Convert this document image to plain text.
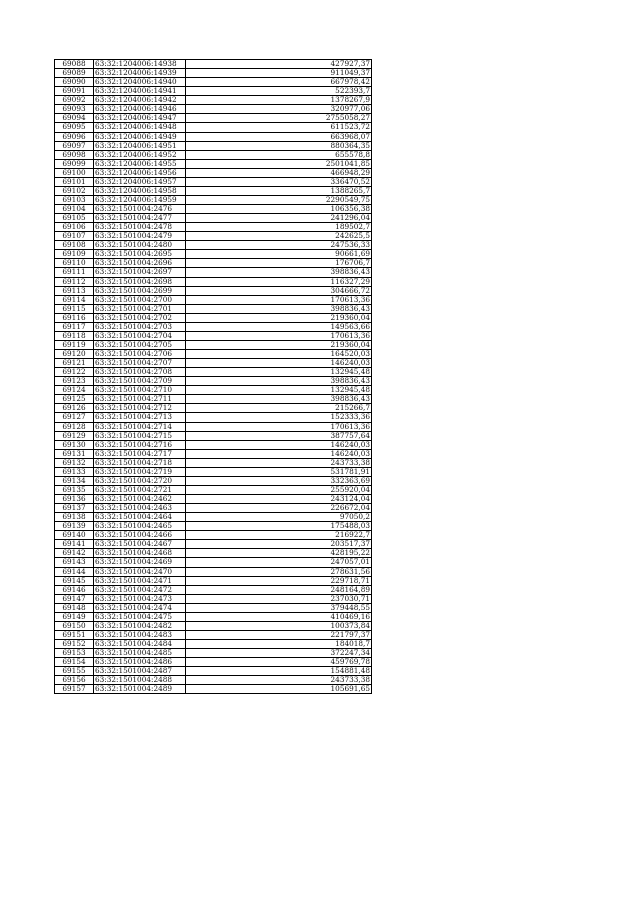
69088	63:32:1204006:14938	427927,37
69089	63:32:1204006:14939	911049,37
69090	63:32:1204006:14940	667978,42
69091	63:32:1204006:14941	522393,7
69092	63:32:1204006:14942	1378267,9
69093	63:32:1204006:14946	320977,06
69094	63:32:1204006:14947	2755058,27
69095	63:32:1204006:14948	611523,72
69096	63:32:1204006:14949	663968,07
69097	63:32:1204006:14951	880364,35
69098	63:32:1204006:14952	655578,8
69099	63:32:1204006:14955	2501041,85
69100	63:32:1204006:14956	466948,29
69101	63:32:1204006:14957	336470,52
69102	63:32:1204006:14958	1388265,7
69103	63:32:1204006:14959	2290549,75
69104	63:32:1501004:2476	106356,38
69105	63:32:1501004:2477	241296,04
69106	63:32:1501004:2478	189502,7
69107	63:32:1501004:2479	242625,5
69108	63:32:1501004:2480	247536,33
69109	63:32:1501004:2695	90661,69
69110	63:32:1501004:2696	176706,7
69111	63:32:1501004:2697	398836,43
69112	63:32:1501004:2698	116327,29
69113	63:32:1501004:2699	304666,72
69114	63:32:1501004:2700	170613,36
69115	63:32:1501004:2701	398836,43
69116	63:32:1501004:2702	219360,04
69117	63:32:1501004:2703	149563,66
69118	63:32:1501004:2704	170613,36
69119	63:32:1501004:2705	219360,04
69120	63:32:1501004:2706	164520,03
69121	63:32:1501004:2707	146240,03
69122	63:32:1501004:2708	132945,48
69123	63:32:1501004:2709	398836,43
69124	63:32:1501004:2710	132945,48
69125	63:32:1501004:2711	398836,43
69126	63:32:1501004:2712	215266,7
69127	63:32:1501004:2713	152333,36
69128	63:32:1501004:2714	170613,36
69129	63:32:1501004:2715	387757,64
69130	63:32:1501004:2716	146240,03
69131	63:32:1501004:2717	146240,03
69132	63:32:1501004:2718	243733,38
69133	63:32:1501004:2719	531781,91
69134	63:32:1501004:2720	332363,69
69135	63:32:1501004:2721	255920,04
69136	63:32:1501004:2462	243124,04
69137	63:32:1501004:2463	226672,04
69138	63:32:1501004:2464	97050,2
69139	63:32:1501004:2465	175488,03
69140	63:32:1501004:2466	216922,7
69141	63:32:1501004:2467	203517,37
69142	63:32:1501004:2468	428195,22
69143	63:32:1501004:2469	247057,01
69144	63:32:1501004:2470	278631,56
69145	63:32:1501004:2471	229718,71
69146	63:32:1501004:2472	248164,89
69147	63:32:1501004:2473	237030,71
69148	63:32:1501004:2474	379448,55
69149	63:32:1501004:2475	410469,16
69150	63:32:1501004:2482	100373,84
69151	63:32:1501004:2483	221797,37
69152	63:32:1501004:2484	184018,7
69153	63:32:1501004:2485	372247,34
69154	63:32:1501004:2486	459769,78
69155	63:32:1501004:2487	154881,48
69156	63:32:1501004:2488	243733,38
69157	63:32:1501004:2489	105691,65
